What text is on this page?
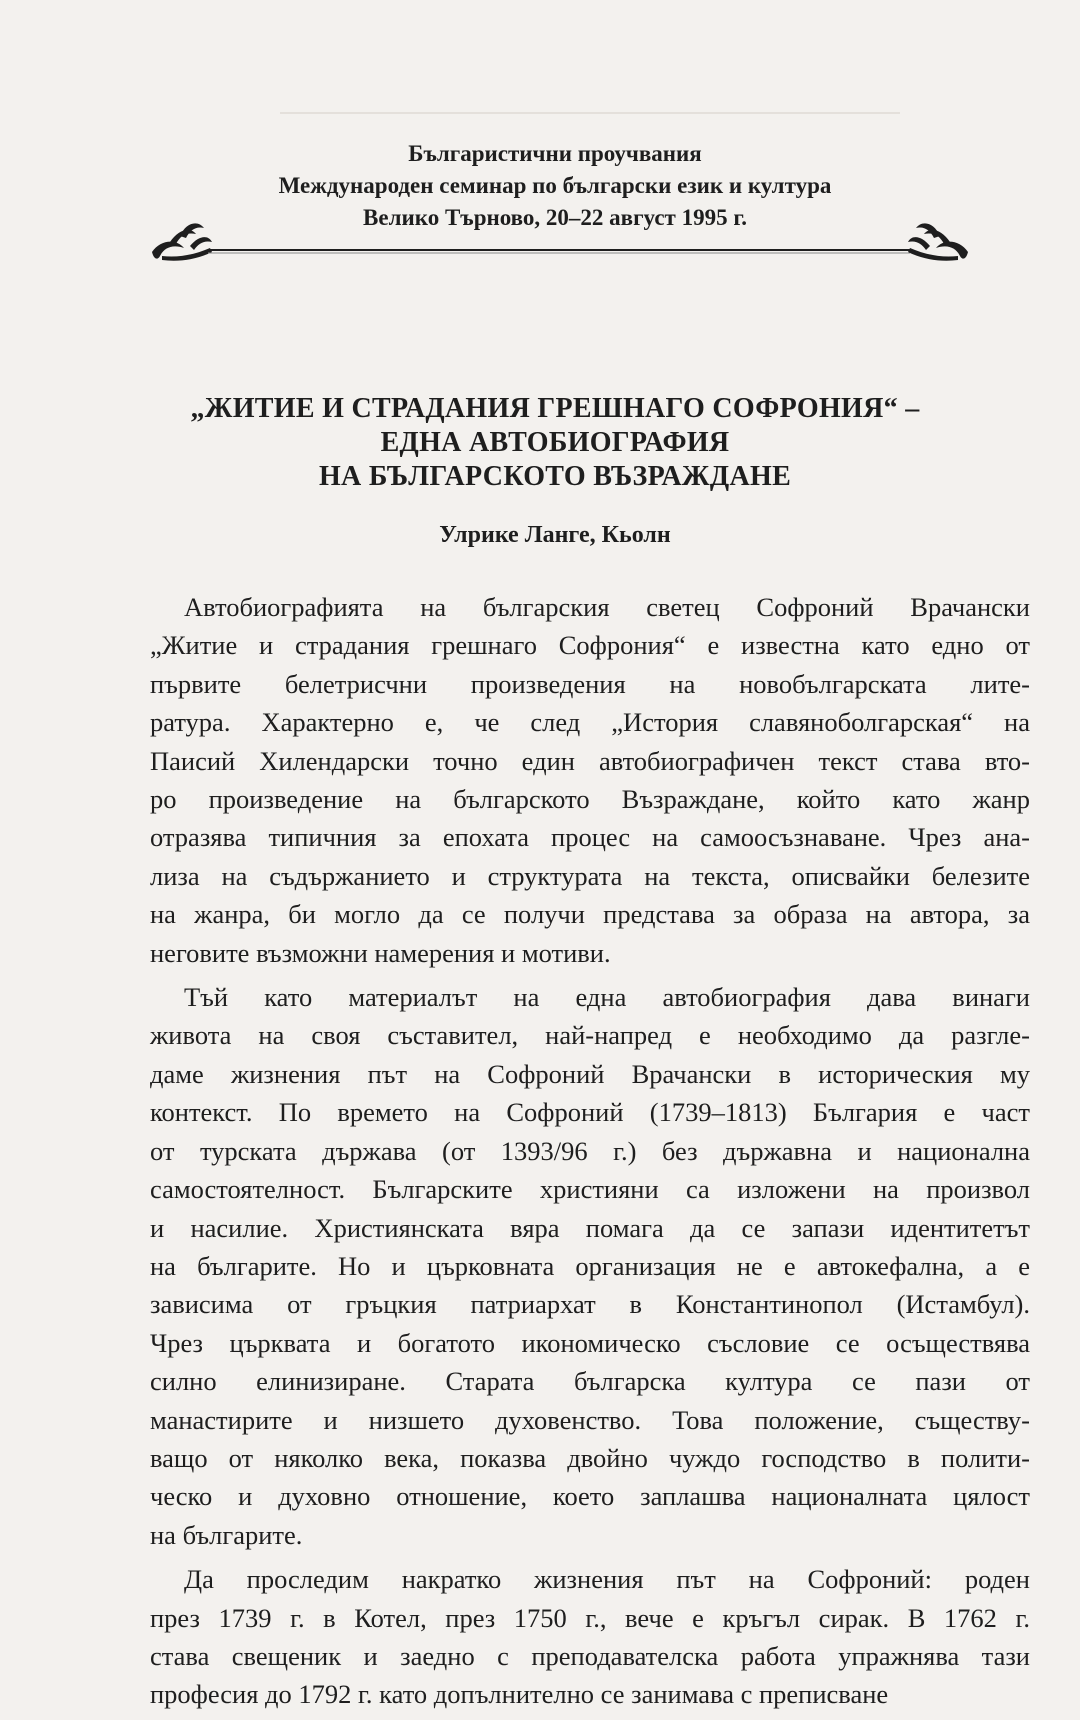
Българистични проучвания
Международен семинар по български език и култура
Велико Търново, 20–22 август 1995 г.
„ЖИТИЕ И СТРАДАНИЯ ГРЕШНАГО СОФРОНИЯ“ –
ЕДНА АВТОБИОГРАФИЯ
НА БЪЛГАРСКОТО ВЪЗРАЖДАНЕ
Улрике Ланге, Кьолн

Автобиографията на българския светец Софроний Врачански
„Житие и страдания грешнаго Софрония“ е известна като едно от
първите белетрисчни произведения на новобългарската лите-
ратура. Характерно е, че след „История славяноболгарская“ на
Паисий Хилендарски точно един автобиографичен текст става вто-
ро произведение на българското Възраждане, който като жанр
отразява типичния за епохата процес на самоосъзнаване. Чрез ана-
лиза на съдържанието и структурата на текста, описвайки белезите
на жанра, би могло да се получи представа за образа на автора, за
неговите възможни намерения и мотиви.

Тъй като материалът на една автобиография дава винаги
живота на своя съставител, най-напред е необходимо да разгле-
даме жизнения път на Софроний Врачански в историческия му
контекст. По времето на Софроний (1739–1813) България е част
от турската държава (от 1393/96 г.) без държавна и национална
самостоятелност. Българските християни са изложени на произвол
и насилие. Християнската вяра помага да се запази идентитетът
на българите. Но и църковната организация не е автокефална, а е
зависима от гръцкия патриархат в Константинопол (Истамбул).
Чрез църквата и богатото икономическо съсловие се осъществява
силно елинизиране. Старата българска култура се пази от
манастирите и низшето духовенство. Това положение, съществу-
ващо от няколко века, показва двойно чуждо господство в полити-
ческо и духовно отношение, което заплашва националната цялост
на българите.

Да проследим накратко жизнения път на Софроний: роден
през 1739 г. в Котел, през 1750 г., вече е кръгъл сирак. В 1762 г.
става свещеник и заедно с преподавателска работа упражнява тази
професия до 1792 г. като допълнително се занимава с преписване
